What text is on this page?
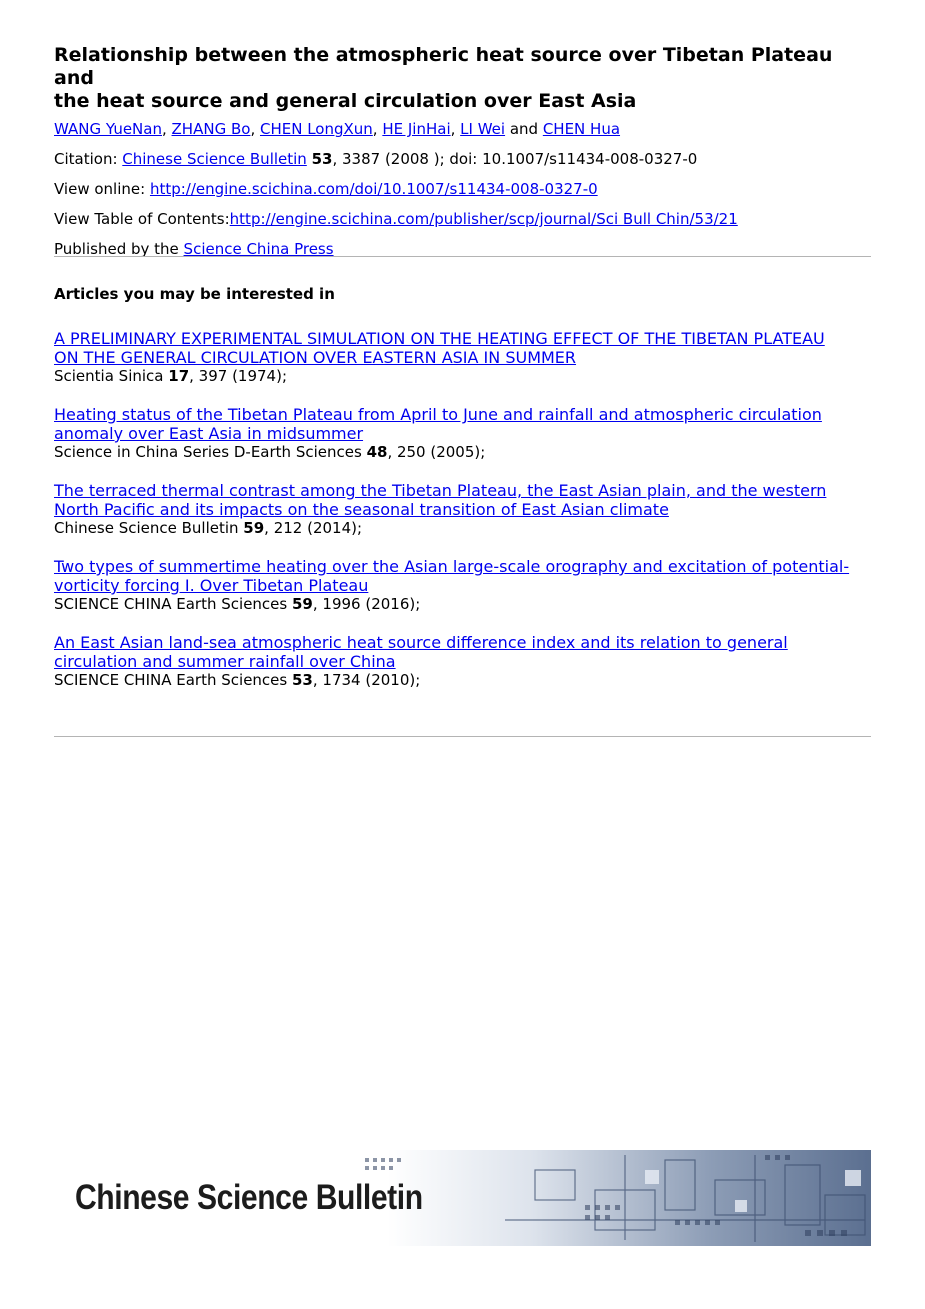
Relationship between the atmospheric heat source over Tibetan Plateau and
the heat source and general circulation over East Asia
WANG YueNan, ZHANG Bo, CHEN LongXun, HE JinHai, LI Wei and CHEN Hua
Citation: Chinese Science Bulletin 53, 3387 (2008 ); doi: 10.1007/s11434-008-0327-0
View online: http://engine.scichina.com/doi/10.1007/s11434-008-0327-0
View Table of Contents:http://engine.scichina.com/publisher/scp/journal/Sci Bull Chin/53/21
Published by the Science China Press
Articles you may be interested in
A PRELIMINARY EXPERIMENTAL SIMULATION ON THE HEATING EFFECT OF THE TIBETAN PLATEAU
ON THE GENERAL CIRCULATION OVER EASTERN ASIA IN SUMMER
Scientia Sinica 17, 397 (1974);
Heating status of the Tibetan Plateau from April to June and rainfall and atmospheric circulation
anomaly over East Asia in midsummer
Science in China Series D-Earth Sciences 48, 250 (2005);
The terraced thermal contrast among the Tibetan Plateau, the East Asian plain, and the western
North Pacific and its impacts on the seasonal transition of East Asian climate
Chinese Science Bulletin 59, 212 (2014);
Two types of summertime heating over the Asian large-scale orography and excitation of potential-
vorticity forcing I. Over Tibetan Plateau
SCIENCE CHINA Earth Sciences 59, 1996 (2016);
An East Asian land-sea atmospheric heat source difference index and its relation to general
circulation and summer rainfall over China
SCIENCE CHINA Earth Sciences 53, 1734 (2010);
Chinese Science Bulletin
